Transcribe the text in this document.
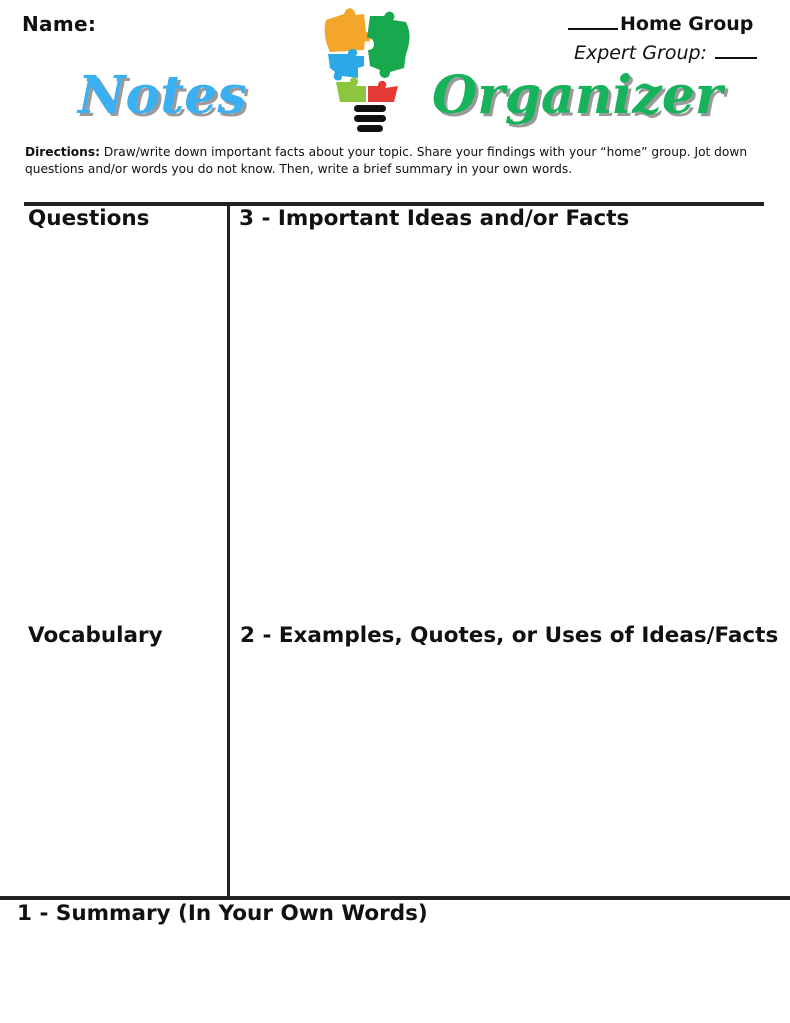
Name:	Home Group
Expert Group:
Notes	Organizer
Directions: Draw/write down important facts about your topic. Share your findings with your “home” group. Jot down questions and/or words you do not know. Then, write a brief summary in your own words.
Questions	3 - Important Ideas and/or Facts
Vocabulary	2 - Examples, Quotes, or Uses of Ideas/Facts
1 - Summary (In Your Own Words)
